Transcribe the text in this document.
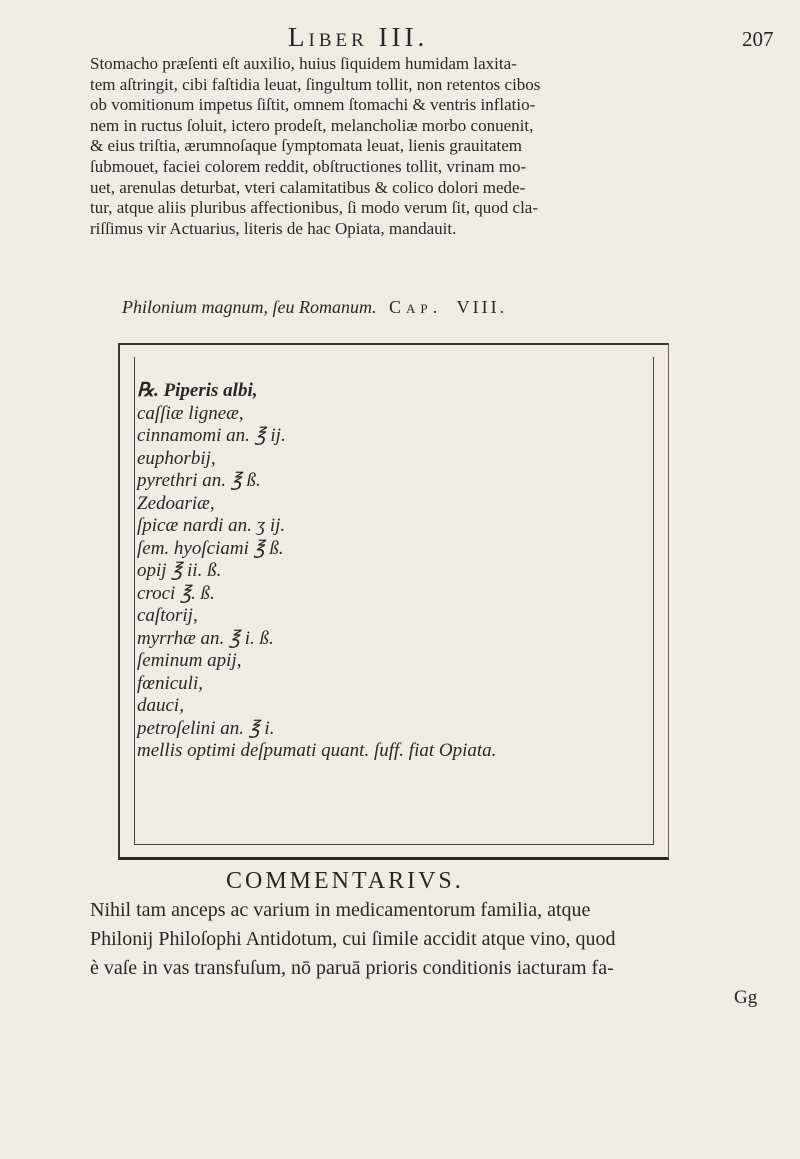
Liber III.	207
Stomacho præſenti eſt auxilio, huius ſiquidem humidam laxita-
tem aſtringit, cibi faſtidia leuat, ſingultum tollit, non retentos cibos
ob vomitionum impetus ſiſtit, omnem ſtomachi & ventris inflatio-
nem in ructus ſoluit, ictero prodeſt, melancholiæ morbo conuenit,
& eius triſtia, ærumnoſaque ſymptomata leuat, lienis grauitatem
ſubmouet, faciei colorem reddit, obſtructiones tollit, vrinam mo-
uet, arenulas deturbat, vteri calamitatibus & colico dolori mede-
tur, atque aliis pluribus affectionibus, ſi modo verum ſit, quod cla-
riſſimus vir Actuarius, literis de hac Opiata, mandauit.
Philonium magnum, ſeu Romanum. Cap. VIII.
℞. Piperis albi,
caſſiæ ligneæ,
cinnamomi an. ℥ ij.
euphorbij,
pyrethri an. ℥ ß.
Zedoariæ,
ſpicæ nardi an. ʒ ij.
ſem. hyoſciami ℥ ß.
opij ℥ ii. ß.
croci ℥. ß.
caſtorij,
myrrhæ an. ℥ i. ß.
ſeminum apij,
fœniculi,
dauci,
petroſelini an. ℥ i.
mellis optimi deſpumati quant. ſuff. fiat Opiata.
COMMENTARIVS.
Nihil tam anceps ac varium in medicamentorum familia, atque
Philonij Philoſophi Antidotum, cui ſimile accidit atque vino, quod
è vaſe in vas transfuſum, nō paruā prioris conditionis iacturam fa-
Gg
